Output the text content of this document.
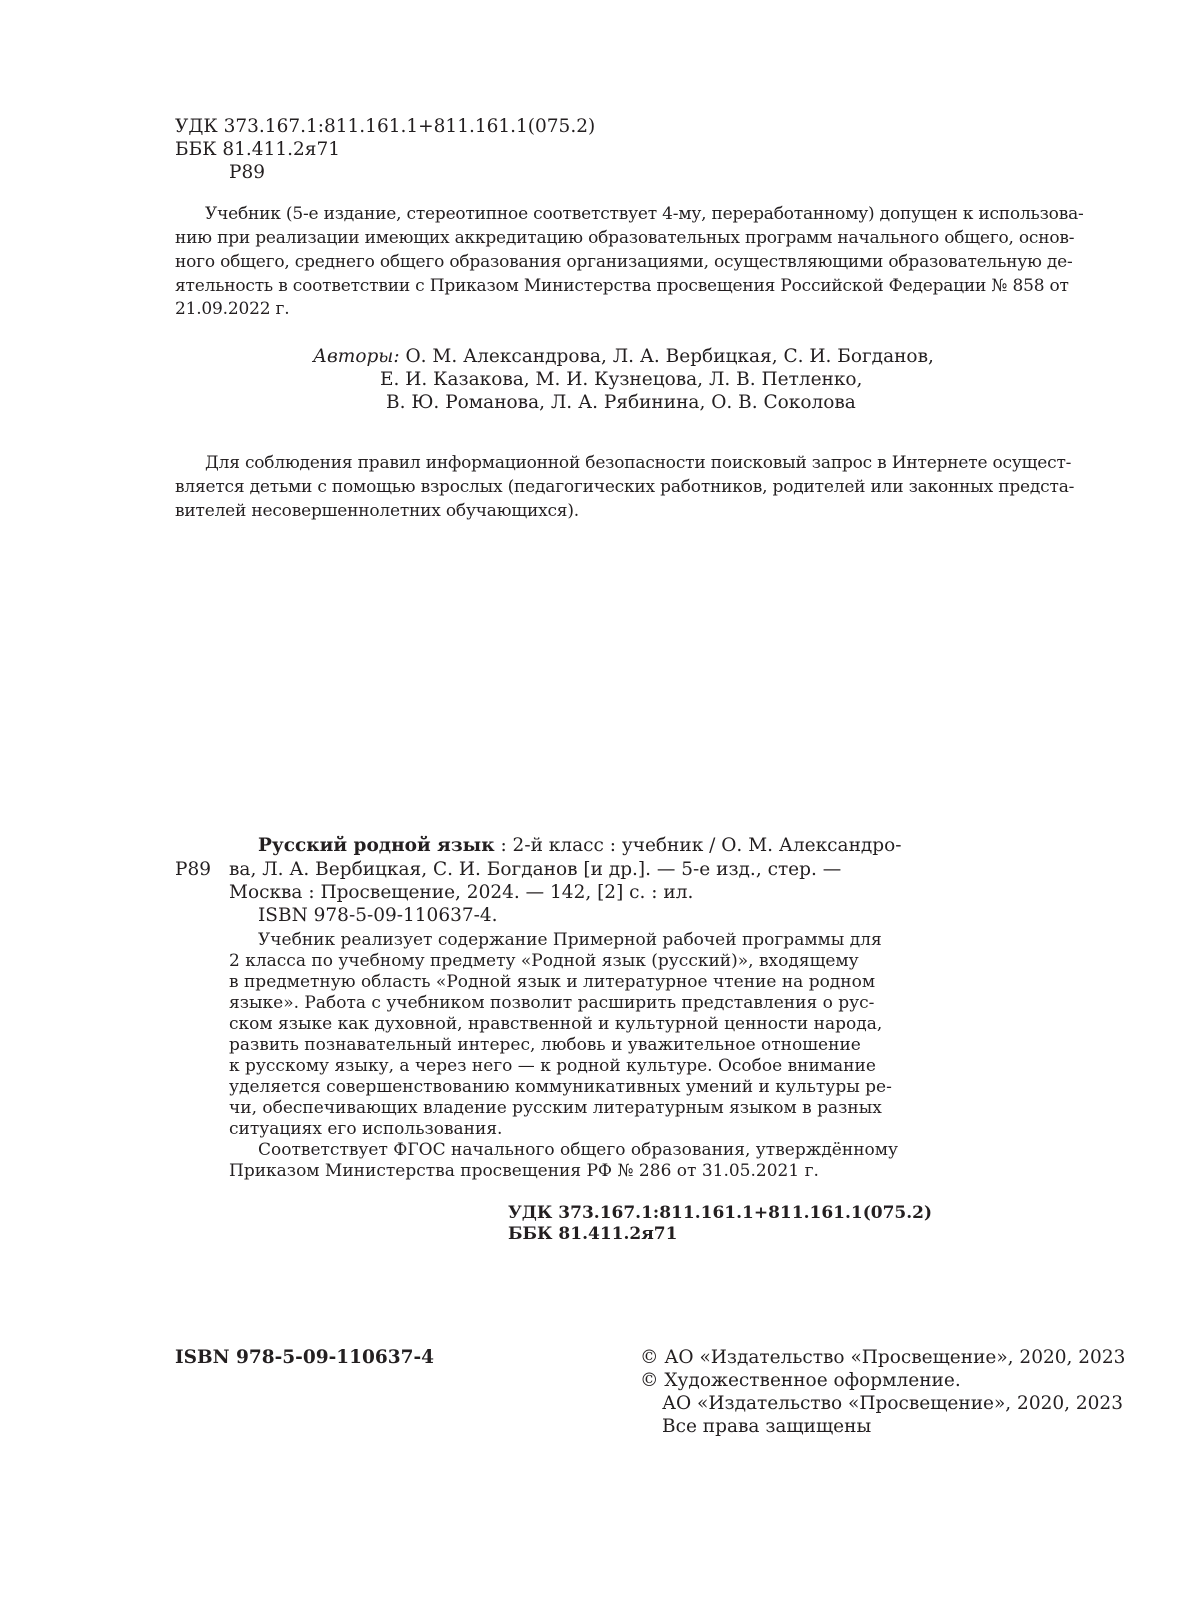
УДК 373.167.1:811.161.1+811.161.1(075.2)
ББК 81.411.2я71
Р89
Учебник (5-е издание, стереотипное соответствует 4-му, переработанному) допущен к использова-
нию при реализации имеющих аккредитацию образовательных программ начального общего, основ-
ного общего, среднего общего образования организациями, осуществляющими образовательную де-
ятельность в соответствии с Приказом Министерства просвещения Российской Федерации № 858 от
21.09.2022 г.
Авторы: О. М. Александрова, Л. А. Вербицкая, С. И. Богданов,
Е. И. Казакова, М. И. Кузнецова, Л. В. Петленко,
В. Ю. Романова, Л. А. Рябинина, О. В. Соколова
Для соблюдения правил информационной безопасности поисковый запрос в Интернете осущест-
вляется детьми с помощью взрослых (педагогических работников, родителей или законных предста-
вителей несовершеннолетних обучающихся).
Р89
Русский родной язык : 2-й класс : учебник / О. М. Александро-
ва, Л. А. Вербицкая, С. И. Богданов [и др.]. — 5-е изд., стер. —
Москва : Просвещение, 2024. — 142, [2] с. : ил.
ISBN 978-5-09-110637-4.
Учебник реализует содержание Примерной рабочей программы для
2 класса по учебному предмету «Родной язык (русский)», входящему
в предметную область «Родной язык и литературное чтение на родном
языке». Работа с учебником позволит расширить представления о рус-
ском языке как духовной, нравственной и культурной ценности народа,
развить познавательный интерес, любовь и уважительное отношение
к русскому языку, а через него — к родной культуре. Особое внимание
уделяется совершенствованию коммуникативных умений и культуры ре-
чи, обеспечивающих владение русским литературным языком в разных
ситуациях его использования.
Соответствует ФГОС начального общего образования, утверждённому
Приказом Министерства просвещения РФ № 286 от 31.05.2021 г.
УДК 373.167.1:811.161.1+811.161.1(075.2)
ББК 81.411.2я71
ISBN 978-5-09-110637-4	© АО «Издательство «Просвещение», 2020, 2023
© Художественное оформление.
АО «Издательство «Просвещение», 2020, 2023
Все права защищены
